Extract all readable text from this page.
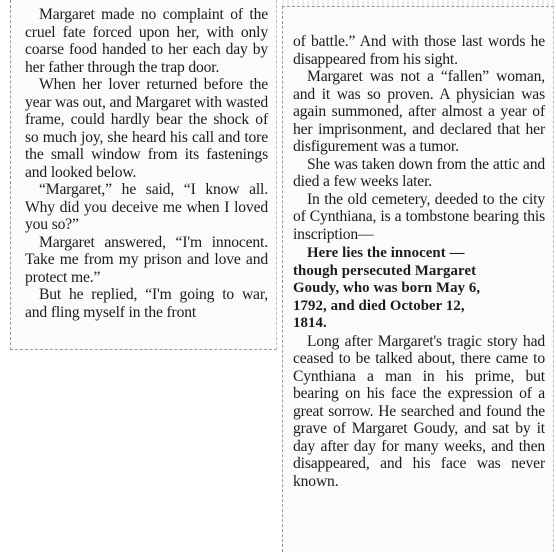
Margaret made no complaint of the cruel fate forced upon her, with only coarse food handed to her each day by her father through the trap door.

When her lover returned before the year was out, and Margaret with wasted frame, could hardly bear the shock of so much joy, she heard his call and tore the small window from its fastenings and looked below.

“Margaret,” he said, “I know all. Why did you deceive me when I loved you so?”

Margaret answered, “I'm innocent. Take me from my prison and love and protect me.”

But he replied, “I'm going to war, and fling myself in the front

of battle.” And with those last words he disappeared from his sight.

Margaret was not a “fallen” woman, and it was so proven. A physician was again summoned, after almost a year of her imprisonment, and declared that her disfigurement was a tumor.

She was taken down from the attic and died a few weeks later.

In the old cemetery, deeded to the city of Cynthiana, is a tombstone bearing this inscription—

Here lies the innocent —
though persecuted Margaret
Goudy, who was born May 6,
1792, and died October 12,
1814.

Long after Margaret's tragic story had ceased to be talked about, there came to Cynthiana a man in his prime, but bearing on his face the expression of a great sorrow. He searched and found the grave of Margaret Goudy, and sat by it day after day for many weeks, and then disappeared, and his face was never known.
